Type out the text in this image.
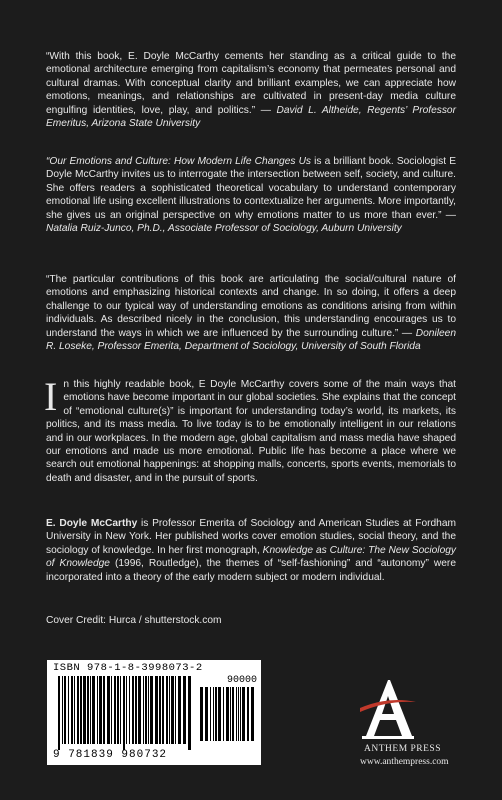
“With this book, E. Doyle McCarthy cements her standing as a critical guide to the emotional architecture emerging from capitalism’s economy that permeates personal and cultural dramas. With conceptual clarity and brilliant examples, we can appreciate how emotions, meanings, and relationships are cultivated in present-day media culture engulfing identities, love, play, and politics.” — David L. Altheide, Regents’ Professor Emeritus, Arizona State University

“Our Emotions and Culture: How Modern Life Changes Us is a brilliant book. Sociologist E Doyle McCarthy invites us to interrogate the intersection between self, society, and culture. She offers readers a sophisticated theoretical vocabulary to understand contemporary emotional life using excellent illustrations to contextualize her arguments. More importantly, she gives us an original perspective on why emotions matter to us more than ever.” — Natalia Ruiz-Junco, Ph.D., Associate Professor of Sociology, Auburn University

“The particular contributions of this book are articulating the social/cultural nature of emotions and emphasizing historical contexts and change. In so doing, it offers a deep challenge to our typical way of understanding emotions as conditions arising from within individuals. As described nicely in the conclusion, this understanding encourages us to understand the ways in which we are influenced by the surrounding culture.” — Donileen R. Loseke, Professor Emerita, Department of Sociology, University of South Florida

In this highly readable book, E Doyle McCarthy covers some of the main ways that emotions have become important in our global societies. She explains that the concept of “emotional culture(s)” is important for understanding today’s world, its markets, its politics, and its mass media. To live today is to be emotionally intelligent in our relations and in our workplaces. In the modern age, global capitalism and mass media have shaped our emotions and made us more emotional. Public life has become a place where we search out emotional happenings: at shopping malls, concerts, sports events, memorials to death and disaster, and in the pursuit of sports.

E. Doyle McCarthy is Professor Emerita of Sociology and American Studies at Fordham University in New York. Her published works cover emotion studies, social theory, and the sociology of knowledge. In her first monograph, Knowledge as Culture: The New Sociology of Knowledge (1996, Routledge), the themes of “self-fashioning” and “autonomy” were incorporated into a theory of the early modern subject or modern individual.

Cover Credit: Hurca / shutterstock.com

ISBN 978-1-8-3998073-2
90000
9 781839 980732	ANTHEM PRESS
www.anthempress.com
